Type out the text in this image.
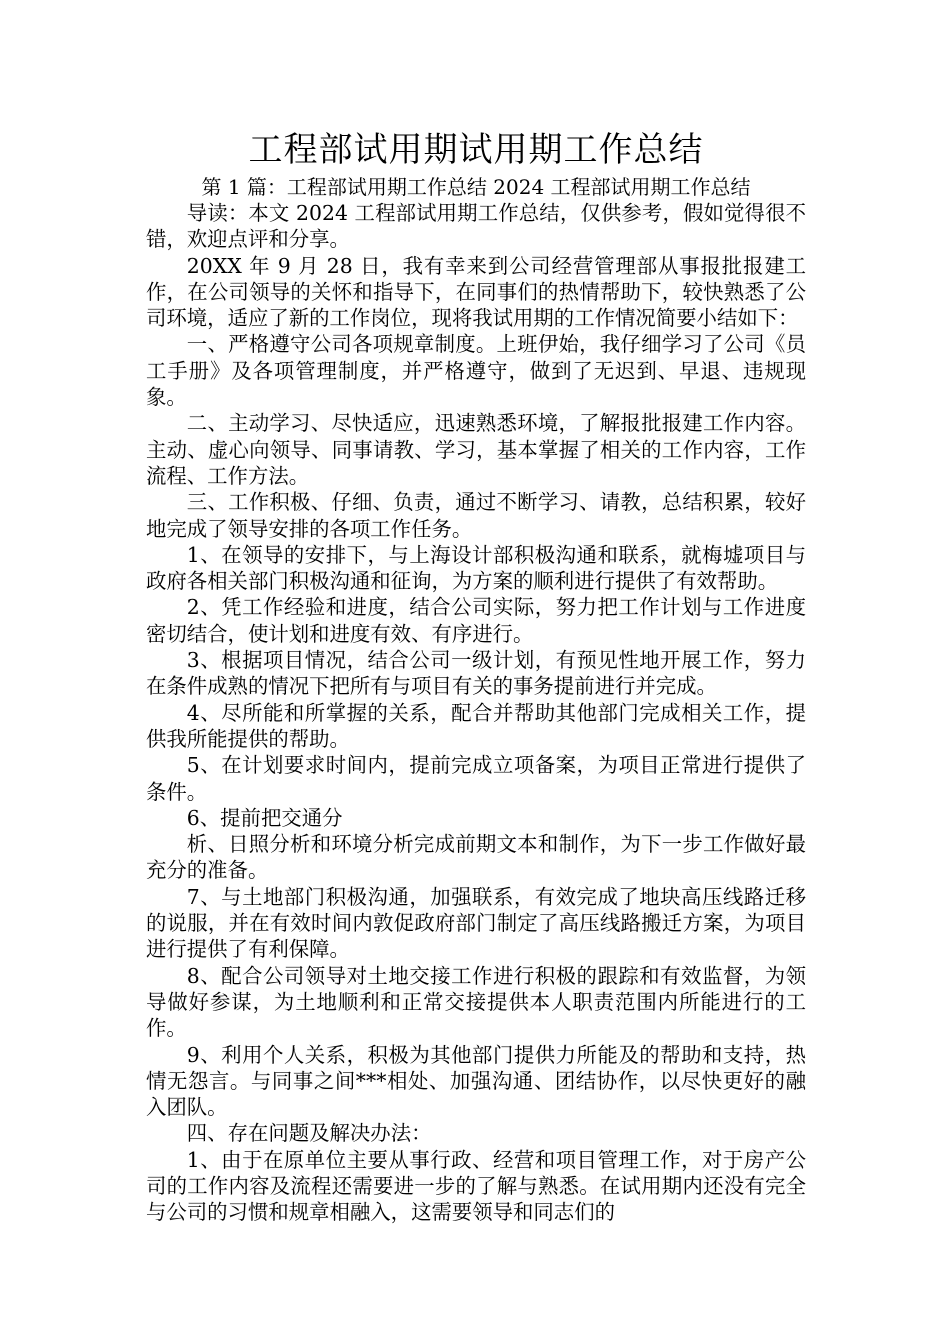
工程部试用期试用期工作总结

第 1 篇：工程部试用期工作总结 2024 工程部试用期工作总结

导读：本文 2024 工程部试用期工作总结，仅供参考，假如觉得很不错，欢迎点评和分享。

20XX 年 9 月 28 日，我有幸来到公司经营管理部从事报批报建工作，在公司领导的关怀和指导下，在同事们的热情帮助下，较快熟悉了公司环境，适应了新的工作岗位，现将我试用期的工作情况简要小结如下：

一、严格遵守公司各项规章制度。上班伊始，我仔细学习了公司《员工手册》及各项管理制度，并严格遵守，做到了无迟到、早退、违规现象。

二、主动学习、尽快适应，迅速熟悉环境，了解报批报建工作内容。主动、虚心向领导、同事请教、学习，基本掌握了相关的工作内容，工作流程、工作方法。

三、工作积极、仔细、负责，通过不断学习、请教，总结积累，较好地完成了领导安排的各项工作任务。

1、在领导的安排下，与上海设计部积极沟通和联系，就梅墟项目与政府各相关部门积极沟通和征询，为方案的顺利进行提供了有效帮助。

2、凭工作经验和进度，结合公司实际，努力把工作计划与工作进度密切结合，使计划和进度有效、有序进行。

3、根据项目情况，结合公司一级计划，有预见性地开展工作，努力在条件成熟的情况下把所有与项目有关的事务提前进行并完成。

4、尽所能和所掌握的关系，配合并帮助其他部门完成相关工作，提供我所能提供的帮助。

5、在计划要求时间内，提前完成立项备案，为项目正常进行提供了条件。

6、提前把交通分

析、日照分析和环境分析完成前期文本和制作，为下一步工作做好最充分的准备。

7、与土地部门积极沟通，加强联系，有效完成了地块高压线路迁移的说服，并在有效时间内敦促政府部门制定了高压线路搬迁方案，为项目进行提供了有利保障。

8、配合公司领导对土地交接工作进行积极的跟踪和有效监督，为领导做好参谋，为土地顺利和正常交接提供本人职责范围内所能进行的工作。

9、利用个人关系，积极为其他部门提供力所能及的帮助和支持，热情无怨言。与同事之间***相处、加强沟通、团结协作，以尽快更好的融入团队。

四、存在问题及解决办法：

1、由于在原单位主要从事行政、经营和项目管理工作，对于房产公司的工作内容及流程还需要进一步的了解与熟悉。在试用期内还没有完全与公司的习惯和规章相融入，这需要领导和同志们的
